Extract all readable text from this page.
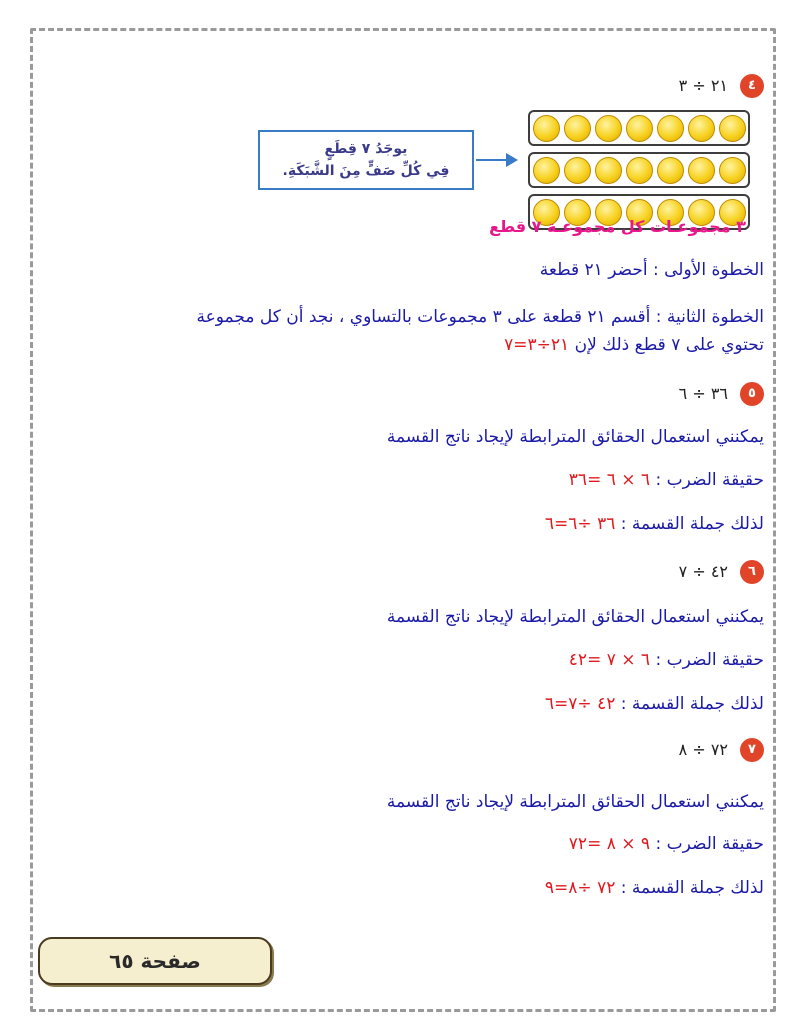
٤٢١ ÷ ٣
يوجَدُ ٧ قِطَعٍ
فِي كُلِّ صَفٍّ مِنَ الشَّبَكَةِ.
٣ مجموعـات كل مجموعـة ٧ قطع
الخطوة الأولى : أحضر ٢١ قطعة
الخطوة الثانية : أقسم ٢١ قطعة على ٣ مجموعات بالتساوي ، نجد أن كل مجموعة
تحتوي على ٧ قطع ذلك لإن ٢١÷٣=٧
٥٣٦ ÷ ٦
يمكنني استعمال الحقائق المترابطة لإيجاد ناتج القسمة
حقيقة الضرب : ٦ × ٦ =٣٦
لذلك جملة القسمة : ٣٦ ÷٦=٦
٦٤٢ ÷ ٧
يمكنني استعمال الحقائق المترابطة لإيجاد ناتج القسمة
حقيقة الضرب : ٦ × ٧ =٤٢
لذلك جملة القسمة : ٤٢ ÷٧=٦
٧٧٢ ÷ ٨
يمكنني استعمال الحقائق المترابطة لإيجاد ناتج القسمة
حقيقة الضرب : ٩ × ٨ =٧٢
لذلك جملة القسمة : ٧٢ ÷٨=٩
صفحة ٦٥
